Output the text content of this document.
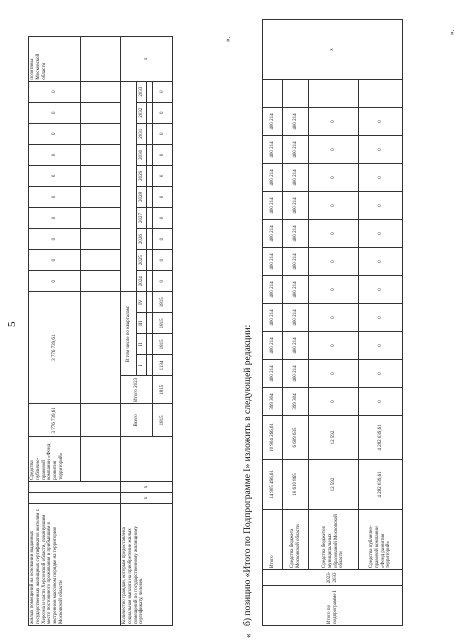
5
жилых помещений на основании выданных государственных жилищных сертификатов жителям г. Херсона и части Херсонской области, покинувшим место постоянного проживания и прибывшим в экстренном массовом порядке на территорию Московской области			Средства публично-правовой компании «Фонд развития территорий»	3 776 739,61	3 776 739,61					0	0	0	0	0	0	0	0	0	0	позитивы Московской области

Количество граждан, которым предоставлена социальная выплата на приобретение жилых помещений по государственному жилищному сертификату, человек	x	x		Всего	Итого 2023	В том числе по кварталам:														x
						I	II	III	IV	2024	2025	2026	2027	2028	2029	2030	2031	2032	2033	

				1815	1815	1134	1815	1815	1815	0	0	0	0	0	0	0	0	0	0	
».
«
б) позицию «Итого по Подпрограмме I» изложить в следующей редакции:	Итого по подпрограмме I	2023-2033	Итого	14 905 496,61	10 904 266,61	399 304	400 214	400 214	400 214	400 214	400 214	400 214	400 214	400 214	400 214	400 214		x
		Средства бюджета Московской области	10 610 865	6 609 635	399 304	400 214	400 214	400 214	400 214	400 214	400 214	400 214	400 214	400 214	400 214		
		Средства бюджетов муниципальных образований Московской области	12 592	12 592	0	0	0	0	0	0	0	0	0	0	0		
		Средства публично-правовой компании «Фонд развития территорий»	4 282 039,61	4 282 039,61	0	0	0	0	0	0	0	0	0	0	0		
».
